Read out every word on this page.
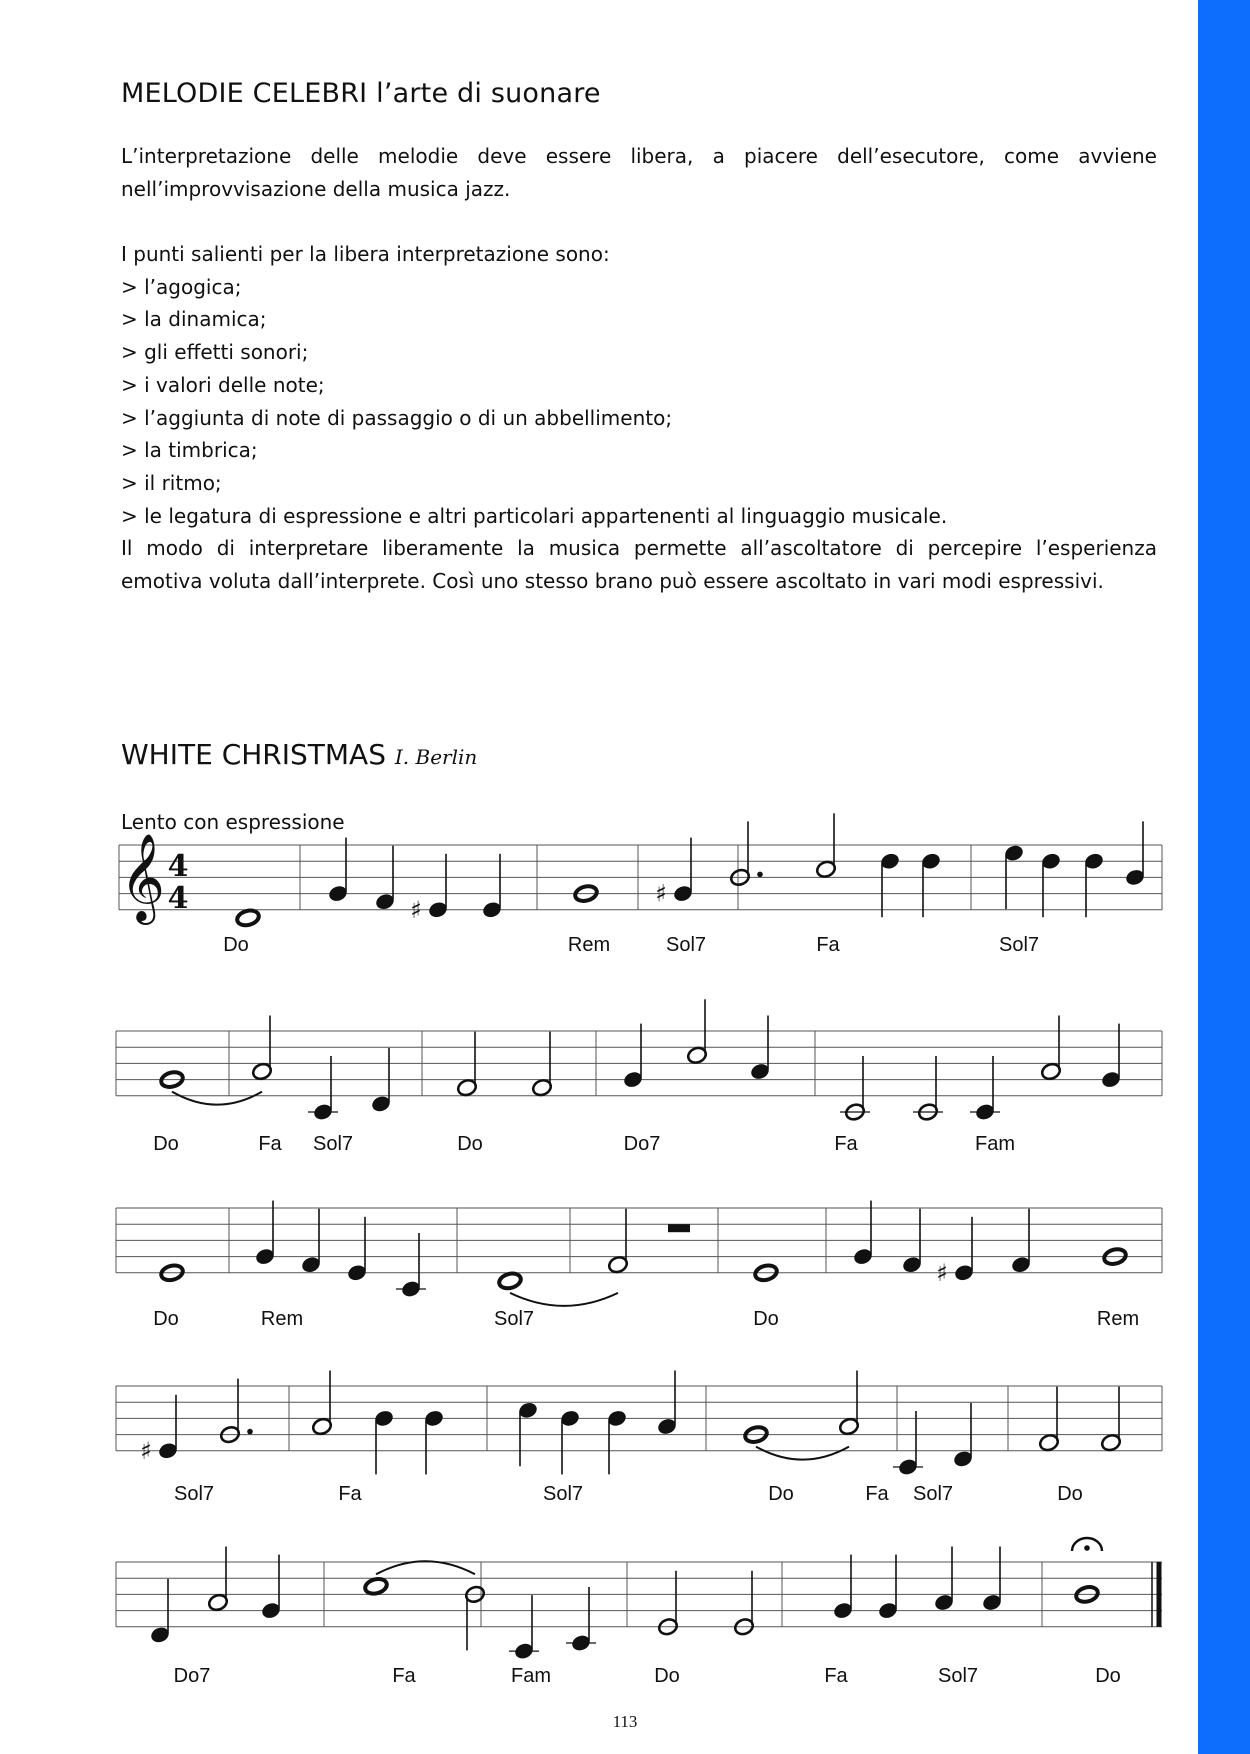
MELODIE CELEBRI l’arte di suonare
L’interpretazione delle melodie deve essere libera, a piacere dell’esecutore, come avviene
nell’improvvisazione della musica jazz.
I punti salienti per la libera interpretazione sono:
> l’agogica;
> la dinamica;
> gli effetti sonori;
> i valori delle note;
> l’aggiunta di note di passaggio o di un abbellimento;
> la timbrica;
> il ritmo;
> le legatura di espressione e altri particolari appartenenti al linguaggio musicale.
Il modo di interpretare liberamente la musica permette all’ascoltatore di percepire l’esperienza
emotiva voluta dall’interprete. Così uno stesso brano può essere ascoltato in vari modi espressivi.
WHITE CHRISTMAS I. Berlin
Lento con espressione
Do	Rem	Sol7	Fa	Sol7
Do	Fa Sol7	Do	Do7	Fa	Fam
Do	Rem	Sol7	Do	Rem
Sol7	Fa	Sol7	Do	Fa Sol7	Do
Do7	Fa	Fam	Do	Fa	Sol7	Do
𝄞 4
4	♯
♯
♯
♯
113
